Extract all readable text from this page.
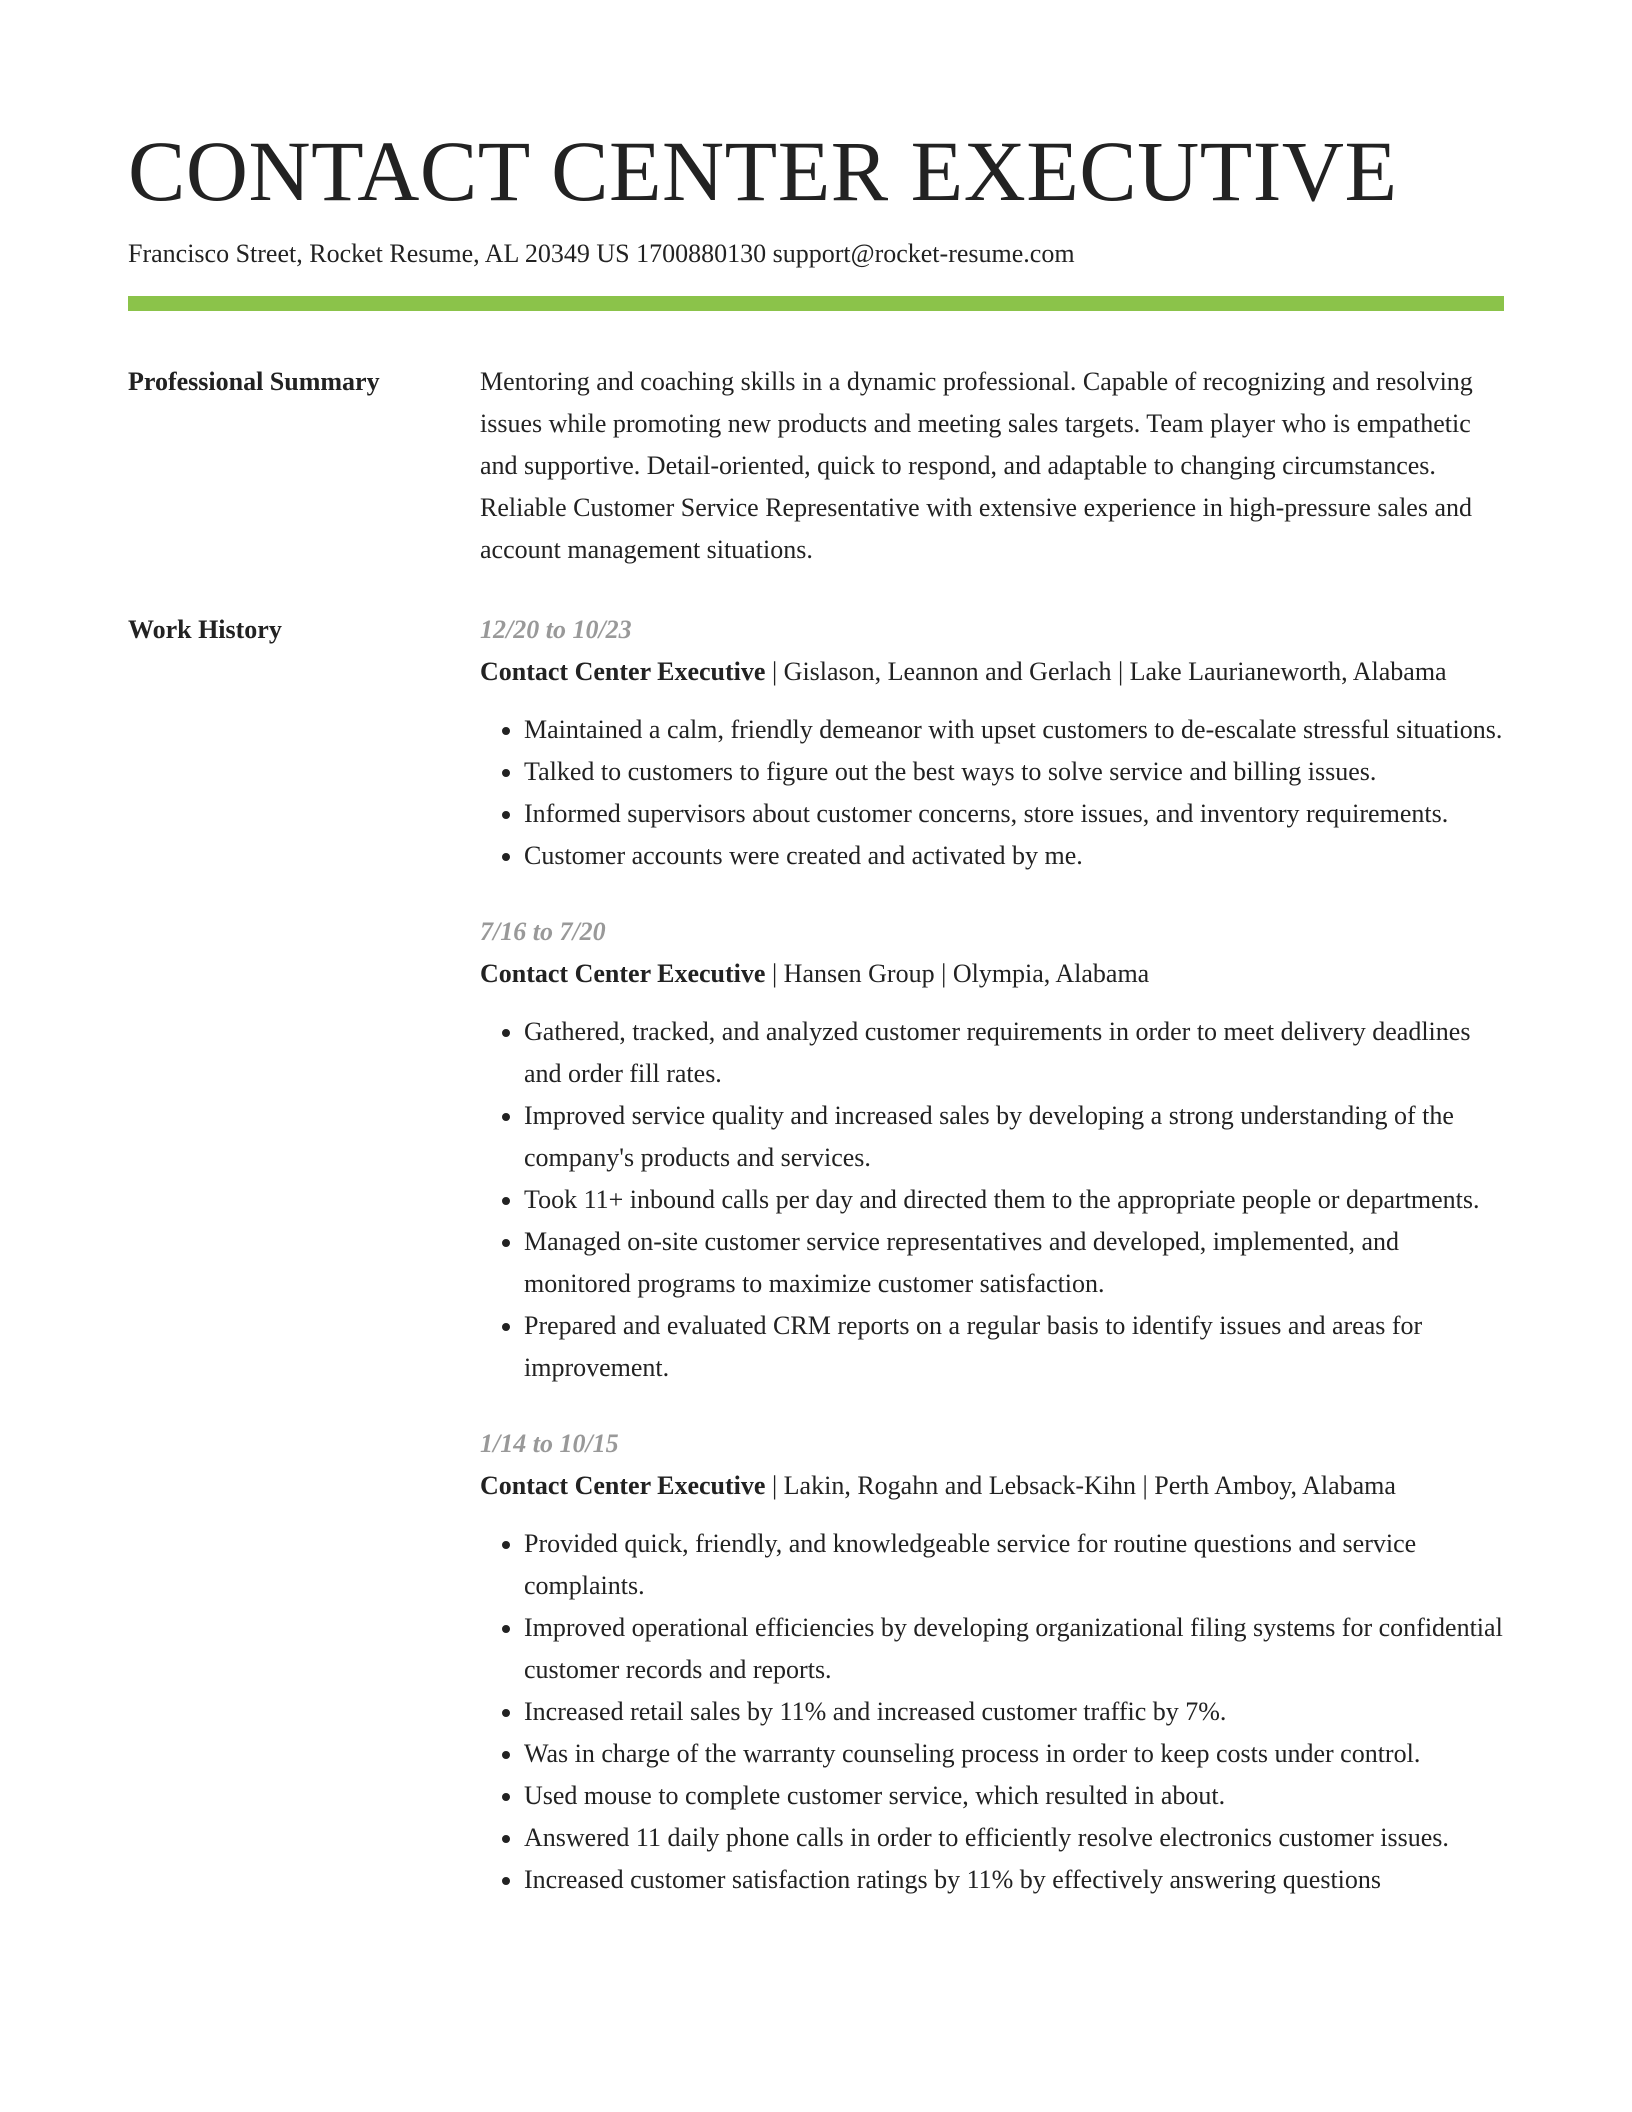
CONTACT CENTER EXECUTIVE
Francisco Street, Rocket Resume, AL 20349 US 1700880130 support@rocket-resume.com
Professional Summary	Mentoring and coaching skills in a dynamic professional. Capable of recognizing and resolving issues while promoting new products and meeting sales targets. Team player who is empathetic and supportive. Detail-oriented, quick to respond, and adaptable to changing circumstances. Reliable Customer Service Representative with extensive experience in high-pressure sales and account management situations.

Work History	12/20 to 10/23

Contact Center Executive | Gislason, Leannon and Gerlach | Lake Laurianeworth, Alabama

• Maintained a calm, friendly demeanor with upset customers to de-escalate stressful situations.
• Talked to customers to figure out the best ways to solve service and billing issues.
• Informed supervisors about customer concerns, store issues, and inventory requirements.
• Customer accounts were created and activated by me.
7/16 to 7/20

Contact Center Executive | Hansen Group | Olympia, Alabama

• Gathered, tracked, and analyzed customer requirements in order to meet delivery deadlines and order fill rates.
• Improved service quality and increased sales by developing a strong understanding of the company's products and services.
• Took 11+ inbound calls per day and directed them to the appropriate people or departments.
• Managed on-site customer service representatives and developed, implemented, and monitored programs to maximize customer satisfaction.
• Prepared and evaluated CRM reports on a regular basis to identify issues and areas for improvement.
1/14 to 10/15

Contact Center Executive | Lakin, Rogahn and Lebsack-Kihn | Perth Amboy, Alabama

• Provided quick, friendly, and knowledgeable service for routine questions and service complaints.
• Improved operational efficiencies by developing organizational filing systems for confidential customer records and reports.
• Increased retail sales by 11% and increased customer traffic by 7%.
• Was in charge of the warranty counseling process in order to keep costs under control.
• Used mouse to complete customer service, which resulted in about.
• Answered 11 daily phone calls in order to efficiently resolve electronics customer issues.
• Increased customer satisfaction ratings by 11% by effectively answering questions
